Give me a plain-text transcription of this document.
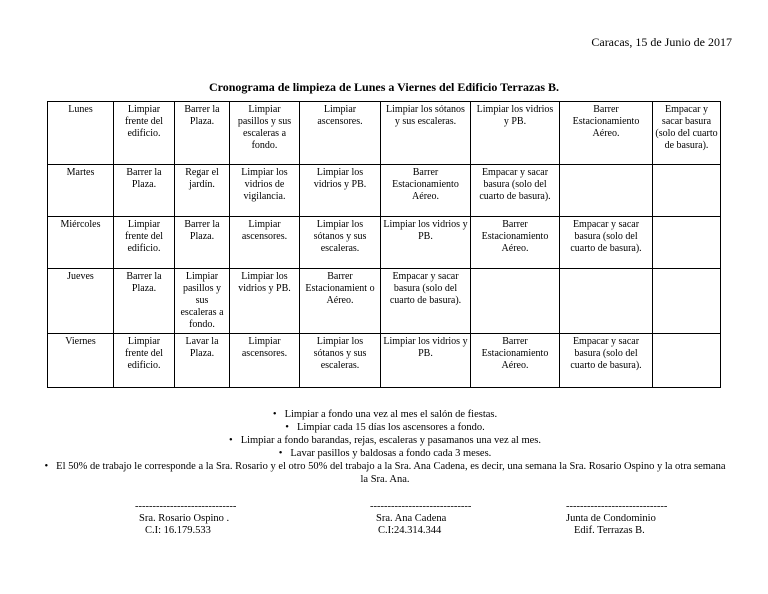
Caracas, 15 de Junio de 2017
Cronograma de limpieza de Lunes a Viernes del Edificio Terrazas B.
Lunes	Limpiar frente del edificio.	Barrer la Plaza.	Limpiar pasillos y sus escaleras a fondo.	Limpiar ascensores.	Limpiar los sótanos y sus escaleras.	Limpiar los vidrios y PB.	Barrer Estacionamiento Aéreo.	Empacar y sacar basura (solo del cuarto de basura).
Martes	Barrer la Plaza.	Regar el jardín.	Limpiar los vidrios de vigilancia.	Limpiar los vidrios y PB.	Barrer Estacionamiento Aéreo.	Empacar y sacar basura (solo del cuarto de basura).		
Miércoles	Limpiar frente del edificio.	Barrer la Plaza.	Limpiar ascensores.	Limpiar los sótanos y sus escaleras.	Limpiar los vidrios y PB.	Barrer Estacionamiento Aéreo.	Empacar y sacar basura (solo del cuarto de basura).	
Jueves	Barrer la Plaza.	Limpiar pasillos y sus escaleras a fondo.	Limpiar los vidrios y PB.	Barrer Estacionamient o Aéreo.	Empacar y sacar basura (solo del cuarto de basura).			
Viernes	Limpiar frente del edificio.	Lavar la Plaza.	Limpiar ascensores.	Limpiar los sótanos y sus escaleras.	Limpiar los vidrios y PB.	Barrer Estacionamiento Aéreo.	Empacar y sacar basura (solo del cuarto de basura).	
• Limpiar a fondo una vez al mes el salón de fiestas.
• Limpiar cada 15 días los ascensores a fondo.
• Limpiar a fondo barandas, rejas, escaleras y pasamanos una vez al mes.
• Lavar pasillos y baldosas a fondo cada 3 meses.
• El 50% de trabajo le corresponde a la Sra. Rosario y el otro 50% del trabajo a la Sra. Ana Cadena, es decir, una semana la Sra. Rosario Ospino y la otra semana la Sra. Ana.
-----------------------------
Sra. Rosario Ospino .
C.I: 16.179.533
-----------------------------
Sra. Ana Cadena
C.I:24.314.344
-----------------------------
Junta de Condominio
Edif. Terrazas B.
